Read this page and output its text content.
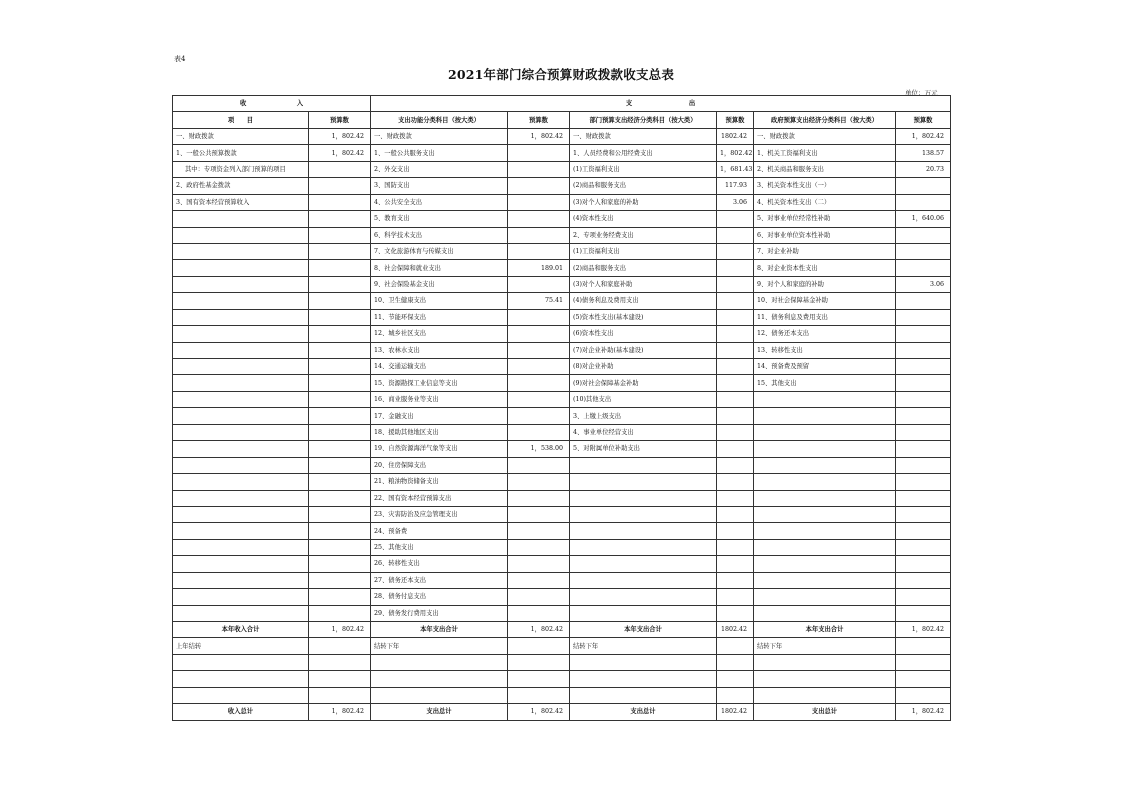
表4
2021年部门综合预算财政拨款收支总表
单位：万元
收　　　　　　　　入		支　　　　　　　　　出					
项　　目	预算数	支出功能分类科目（按大类）	预算数	部门预算支出经济分类科目（按大类）	预算数	政府预算支出经济分类科目（按大类）	预算数
一、财政拨款	1，802.42	一、财政拨款	1，802.42	一、财政拨款	1802.42	一、财政拨款	1，802.42
1、一般公共预算拨款	1，802.42	1、一般公共服务支出		1、人员经费和公用经费支出	1，802.42	1、机关工资福利支出	138.57
其中：专项资金列入部门预算的项目		2、外交支出		(1)工资福利支出	1，681.43	2、机关商品和服务支出	20.73
2、政府性基金拨款		3、国防支出		(2)商品和服务支出	117.93	3、机关资本性支出（一）	
3、国有资本经营预算收入		4、公共安全支出		(3)对个人和家庭的补助	3.06	4、机关资本性支出（二）	
		5、教育支出		(4)资本性支出		5、对事业单位经常性补助	1，640.06
		6、科学技术支出		2、专项业务经费支出		6、对事业单位资本性补助	
		7、文化旅游体育与传媒支出		(1)工资福利支出		7、对企业补助	
		8、社会保障和就业支出	189.01	(2)商品和服务支出		8、对企业资本性支出	
		9、社会保险基金支出		(3)对个人和家庭补助		9、对个人和家庭的补助	3.06
		10、卫生健康支出	75.41	(4)债务利息及费用支出		10、对社会保障基金补助	
		11、节能环保支出		(5)资本性支出(基本建设)		11、债务利息及费用支出	
		12、城乡社区支出		(6)资本性支出		12、债务还本支出	
		13、农林水支出		(7)对企业补助(基本建设)		13、转移性支出	
		14、交通运输支出		(8)对企业补助		14、预备费及预留	
		15、资源勘探工业信息等支出		(9)对社会保障基金补助		15、其他支出	
		16、商业服务业等支出		(10)其他支出			
		17、金融支出		3、上缴上级支出			
		18、援助其他地区支出		4、事业单位经营支出			
		19、自然资源海洋气象等支出	1，538.00	5、对附属单位补助支出			
		20、住房保障支出					
		21、粮油物资储备支出					
		22、国有资本经营预算支出					
		23、灾害防治及应急管理支出					
		24、预备费					
		25、其他支出					
		26、转移性支出					
		27、债务还本支出					
		28、债务付息支出					
		29、债务发行费用支出					
本年收入合计	1，802.42	本年支出合计	1，802.42	本年支出合计	1802.42	本年支出合计	1，802.42
上年结转		结转下年		结转下年		结转下年	

收入总计	1，802.42	支出总计	1，802.42	支出总计	1802.42	支出总计	1，802.42
